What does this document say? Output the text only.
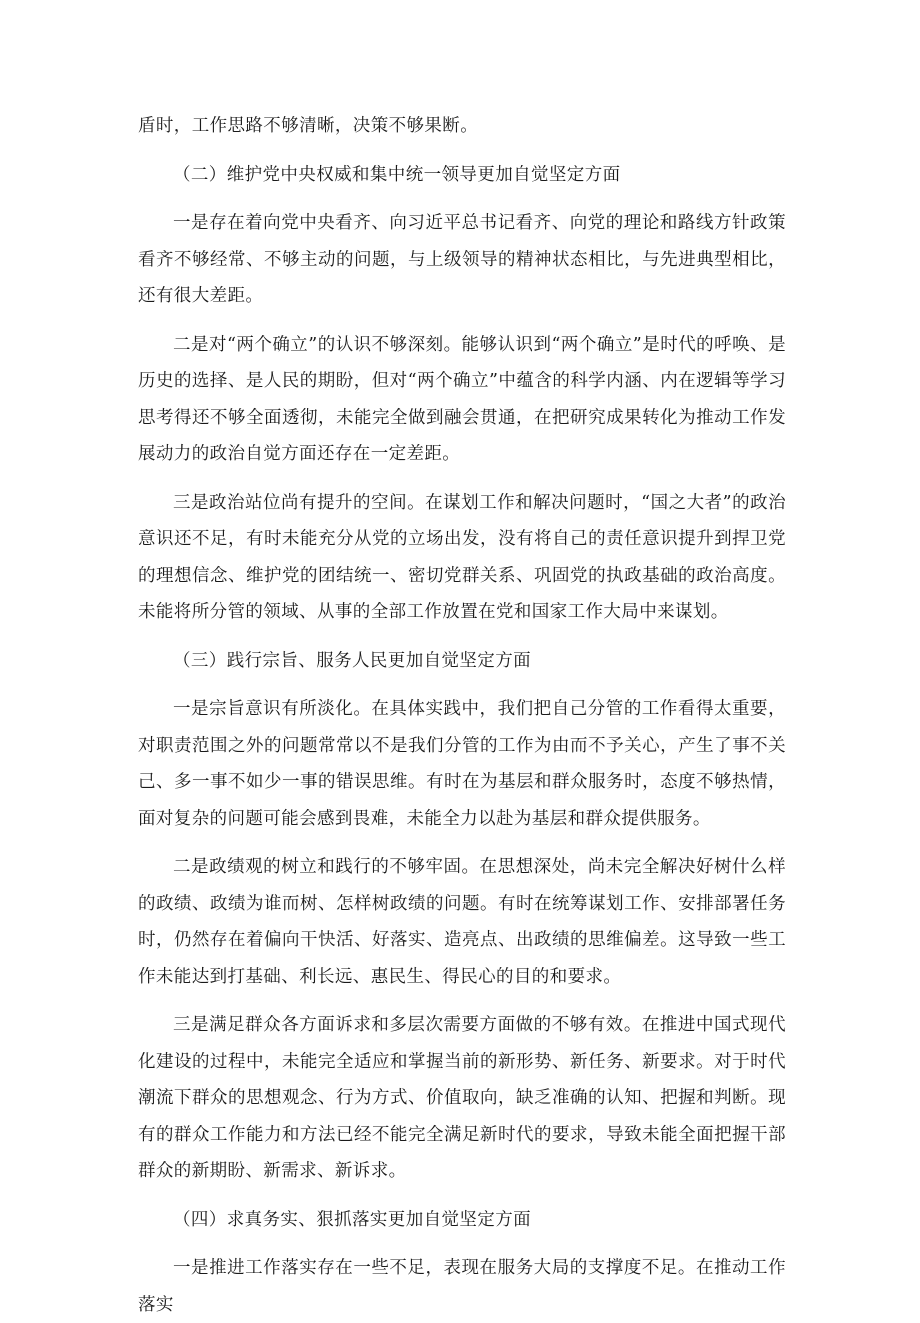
盾时，工作思路不够清晰，决策不够果断。

（二）维护党中央权威和集中统一领导更加自觉坚定方面

一是存在着向党中央看齐、向习近平总书记看齐、向党的理论和路线方针政策看齐不够经常、不够主动的问题，与上级领导的精神状态相比，与先进典型相比，还有很大差距。

二是对“两个确立”的认识不够深刻。能够认识到“两个确立”是时代的呼唤、是历史的选择、是人民的期盼，但对“两个确立”中蕴含的科学内涵、内在逻辑等学习思考得还不够全面透彻，未能完全做到融会贯通，在把研究成果转化为推动工作发展动力的政治自觉方面还存在一定差距。

三是政治站位尚有提升的空间。在谋划工作和解决问题时，“国之大者”的政治意识还不足，有时未能充分从党的立场出发，没有将自己的责任意识提升到捍卫党的理想信念、维护党的团结统一、密切党群关系、巩固党的执政基础的政治高度。未能将所分管的领域、从事的全部工作放置在党和国家工作大局中来谋划。

（三）践行宗旨、服务人民更加自觉坚定方面

一是宗旨意识有所淡化。在具体实践中，我们把自己分管的工作看得太重要，对职责范围之外的问题常常以不是我们分管的工作为由而不予关心，产生了事不关己、多一事不如少一事的错误思维。有时在为基层和群众服务时，态度不够热情，面对复杂的问题可能会感到畏难，未能全力以赴为基层和群众提供服务。

二是政绩观的树立和践行的不够牢固。在思想深处，尚未完全解决好树什么样的政绩、政绩为谁而树、怎样树政绩的问题。有时在统筹谋划工作、安排部署任务时，仍然存在着偏向干快活、好落实、造亮点、出政绩的思维偏差。这导致一些工作未能达到打基础、利长远、惠民生、得民心的目的和要求。

三是满足群众各方面诉求和多层次需要方面做的不够有效。在推进中国式现代化建设的过程中，未能完全适应和掌握当前的新形势、新任务、新要求。对于时代潮流下群众的思想观念、行为方式、价值取向，缺乏准确的认知、把握和判断。现有的群众工作能力和方法已经不能完全满足新时代的要求，导致未能全面把握干部群众的新期盼、新需求、新诉求。

（四）求真务实、狠抓落实更加自觉坚定方面

一是推进工作落实存在一些不足，表现在服务大局的支撑度不足。在推动工作落实
